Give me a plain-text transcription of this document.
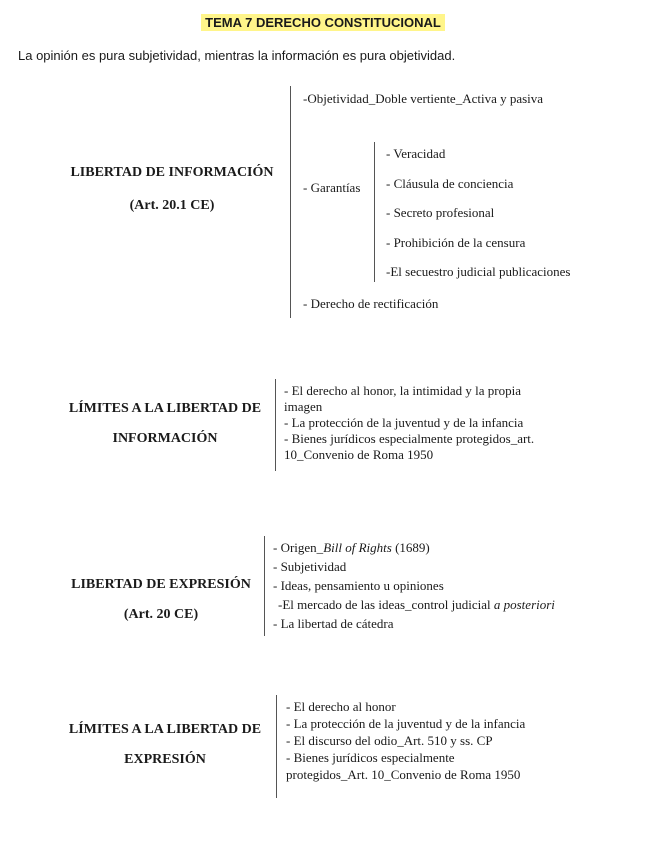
TEMA 7 DERECHO CONSTITUCIONAL
La opinión es pura subjetividad, mientras la información es pura objetividad.
LIBERTAD DE INFORMACIÓN
(Art. 20.1 CE)
-Objetividad_Doble vertiente_Activa y pasiva
- Garantías
- Veracidad
- Cláusula de conciencia
- Secreto profesional
- Prohibición de la censura
-El secuestro judicial publicaciones
- Derecho de rectificación
LÍMITES A LA LIBERTAD DE
INFORMACIÓN
- El derecho al honor, la intimidad y la propia
imagen
- La protección de la juventud y de la infancia
- Bienes jurídicos especialmente protegidos_art.
10_Convenio de Roma 1950
LIBERTAD DE EXPRESIÓN
(Art. 20 CE)
- Origen_Bill of Rights (1689)
- Subjetividad
- Ideas, pensamiento u opiniones
-El mercado de las ideas_control judicial a posteriori
- La libertad de cátedra
LÍMITES A LA LIBERTAD DE
EXPRESIÓN
- El derecho al honor
- La protección de la juventud y de la infancia
- El discurso del odio_Art. 510 y ss. CP
- Bienes jurídicos especialmente
protegidos_Art. 10_Convenio de Roma 1950
